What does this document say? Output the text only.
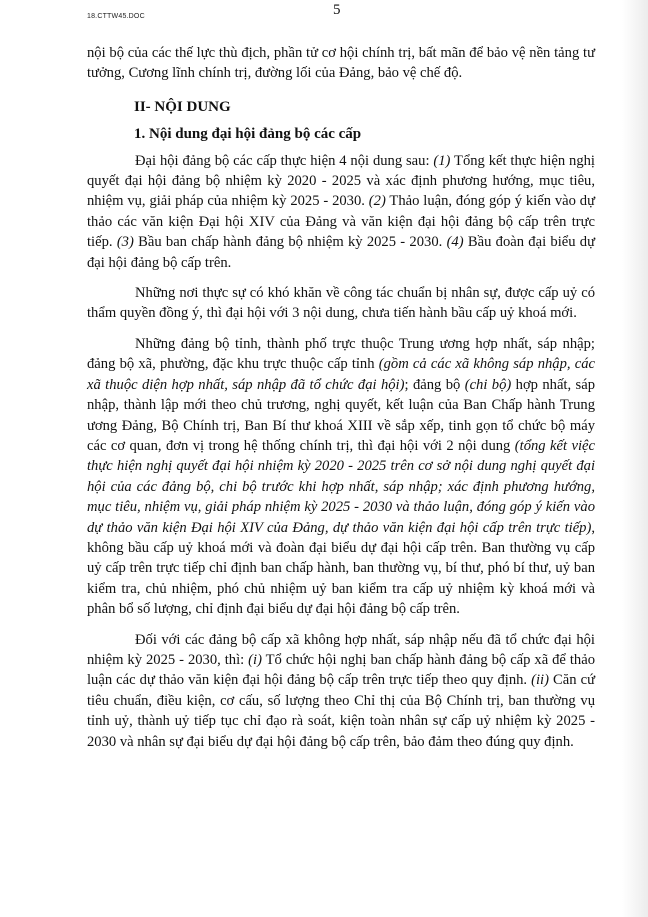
18.CTTW45.DOC	5

nội bộ của các thế lực thù địch, phần tử cơ hội chính trị, bất mãn để bảo vệ nền tảng tư tưởng, Cương lĩnh chính trị, đường lối của Đảng, bảo vệ chế độ.

II- NỘI DUNG

1. Nội dung đại hội đảng bộ các cấp

Đại hội đảng bộ các cấp thực hiện 4 nội dung sau: (1) Tổng kết thực hiện nghị quyết đại hội đảng bộ nhiệm kỳ 2020 - 2025 và xác định phương hướng, mục tiêu, nhiệm vụ, giải pháp của nhiệm kỳ 2025 - 2030. (2) Thảo luận, đóng góp ý kiến vào dự thảo các văn kiện Đại hội XIV của Đảng và văn kiện đại hội đảng bộ cấp trên trực tiếp. (3) Bầu ban chấp hành đảng bộ nhiệm kỳ 2025 - 2030. (4) Bầu đoàn đại biểu dự đại hội đảng bộ cấp trên.

Những nơi thực sự có khó khăn về công tác chuẩn bị nhân sự, được cấp uỷ có thẩm quyền đồng ý, thì đại hội với 3 nội dung, chưa tiến hành bầu cấp uỷ khoá mới.

Những đảng bộ tỉnh, thành phố trực thuộc Trung ương hợp nhất, sáp nhập; đảng bộ xã, phường, đặc khu trực thuộc cấp tỉnh (gồm cả các xã không sáp nhập, các xã thuộc diện hợp nhất, sáp nhập đã tổ chức đại hội); đảng bộ (chi bộ) hợp nhất, sáp nhập, thành lập mới theo chủ trương, nghị quyết, kết luận của Ban Chấp hành Trung ương Đảng, Bộ Chính trị, Ban Bí thư khoá XIII về sắp xếp, tinh gọn tổ chức bộ máy các cơ quan, đơn vị trong hệ thống chính trị, thì đại hội với 2 nội dung (tổng kết việc thực hiện nghị quyết đại hội nhiệm kỳ 2020 - 2025 trên cơ sở nội dung nghị quyết đại hội của các đảng bộ, chi bộ trước khi hợp nhất, sáp nhập; xác định phương hướng, mục tiêu, nhiệm vụ, giải pháp nhiệm kỳ 2025 - 2030 và thảo luận, đóng góp ý kiến vào dự thảo văn kiện Đại hội XIV của Đảng, dự thảo văn kiện đại hội cấp trên trực tiếp), không bầu cấp uỷ khoá mới và đoàn đại biểu dự đại hội cấp trên. Ban thường vụ cấp uỷ cấp trên trực tiếp chỉ định ban chấp hành, ban thường vụ, bí thư, phó bí thư, uỷ ban kiểm tra, chủ nhiệm, phó chủ nhiệm uỷ ban kiểm tra cấp uỷ nhiệm kỳ khoá mới và phân bổ số lượng, chỉ định đại biểu dự đại hội đảng bộ cấp trên.

Đối với các đảng bộ cấp xã không hợp nhất, sáp nhập nếu đã tổ chức đại hội nhiệm kỳ 2025 - 2030, thì: (i) Tổ chức hội nghị ban chấp hành đảng bộ cấp xã để thảo luận các dự thảo văn kiện đại hội đảng bộ cấp trên trực tiếp theo quy định. (ii) Căn cứ tiêu chuẩn, điều kiện, cơ cấu, số lượng theo Chỉ thị của Bộ Chính trị, ban thường vụ tỉnh uỷ, thành uỷ tiếp tục chỉ đạo rà soát, kiện toàn nhân sự cấp uỷ nhiệm kỳ 2025 - 2030 và nhân sự đại biểu dự đại hội đảng bộ cấp trên, bảo đảm theo đúng quy định.
